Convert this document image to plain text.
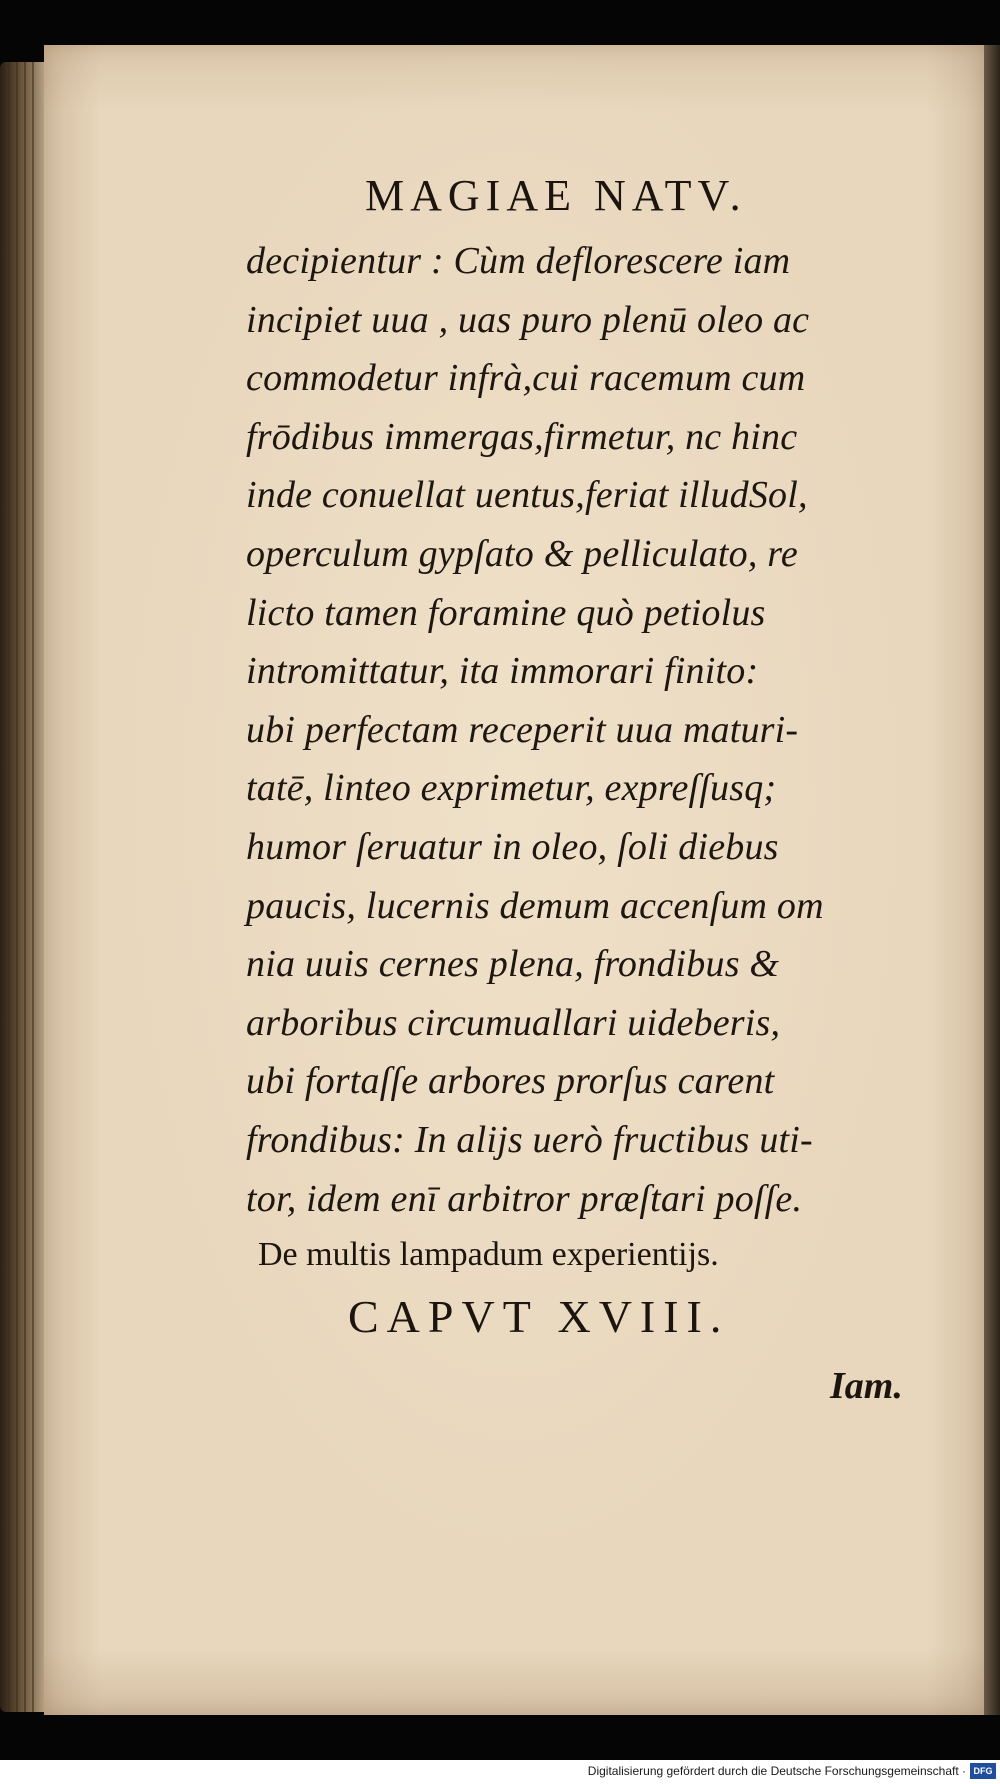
MAGIAE NATV.
decipientur : Cùm deflorescere iam
incipiet uua , uas puro plenū oleo ac
commodetur infrà,cui racemum cum
frōdibus immergas,firmetur, nc hinc
inde conuellat uentus,feriat illudSol,
operculum gypſato & pelliculato, re
licto tamen foramine quò petiolus
intromittatur, ita immorari finito:
ubi perfectam receperit uua maturi-
tatē, linteo exprimetur, expreſſusq;
humor ſeruatur in oleo, ſoli diebus
paucis, lucernis demum accenſum om
nia uuis cernes plena, frondibus &
arboribus circumuallari uideberis,
ubi fortaſſe arbores prorſus carent
frondibus: In alijs uerò fructibus uti-
tor, idem enī arbitror præſtari poſſe.
De multis lampadum experientijs.
CAPVT XVIII.
Iam.
Digitalisierung gefördert durch die Deutsche Forschungsgemeinschaft · DFG
